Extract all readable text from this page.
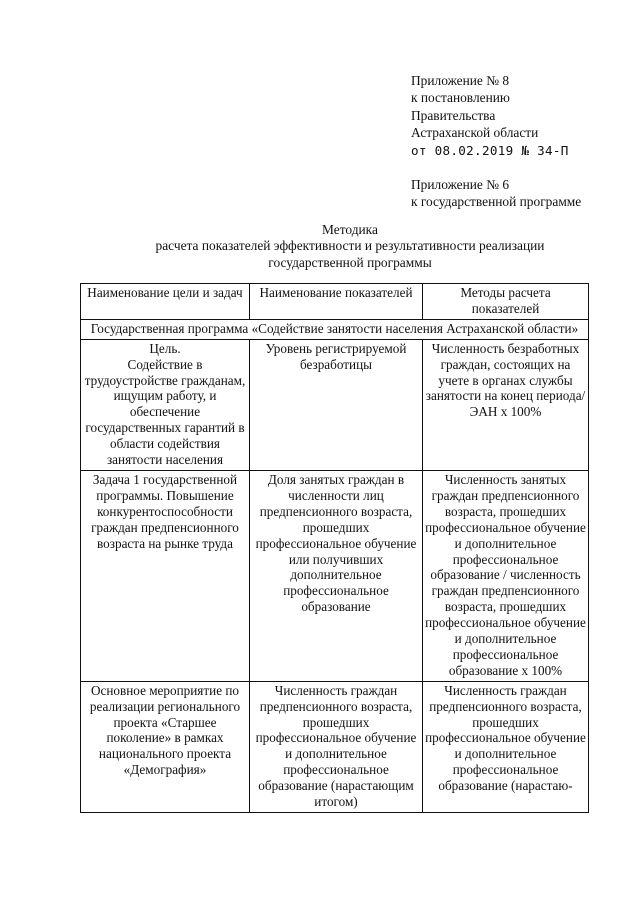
Приложение № 8
к постановлению
Правительства
Астраханской области
от 08.02.2019 № 34-П
Приложение № 6
к государственной программе
Методика
расчета показателей эффективности и результативности реализации
государственной программы
Наименование цели и задач	Наименование показателей	Методы расчета показателей
Государственная программа «Содействие занятости населения Астраханской области»		

Цель.
Содействие в трудоустройстве гражданам, ищущим работу, и обеспечение государственных гарантий в области содействия занятости населения	Уровень регистрируемой безработицы	Численность безработных граждан, состоящих на учете в органах службы занятости на конец периода/ЭАН х 100%
Задача 1 государственной программы. Повышение конкурентоспособности граждан предпенсионного возраста на рынке труда	Доля занятых граждан в численности лиц предпенсионного возраста, прошедших профессиональное обучение или получивших дополнительное профессиональное образование	Численность занятых граждан предпенсионного возраста, прошедших профессиональное обучение и дополнительное профессиональное образование / численность граждан предпенсионного возраста, прошедших профессиональное обучение и дополнительное профессиональное образование х 100%
Основное мероприятие по реализации регионального проекта «Старшее поколение» в рамках национального проекта «Демография»	Численность граждан предпенсионного возраста, прошедших профессиональное обучение и дополнительное профессиональное образование (нарастающим итогом)	Численность граждан предпенсионного возраста, прошедших профессиональное обучение и дополнительное профессиональное образование (нарастаю-
